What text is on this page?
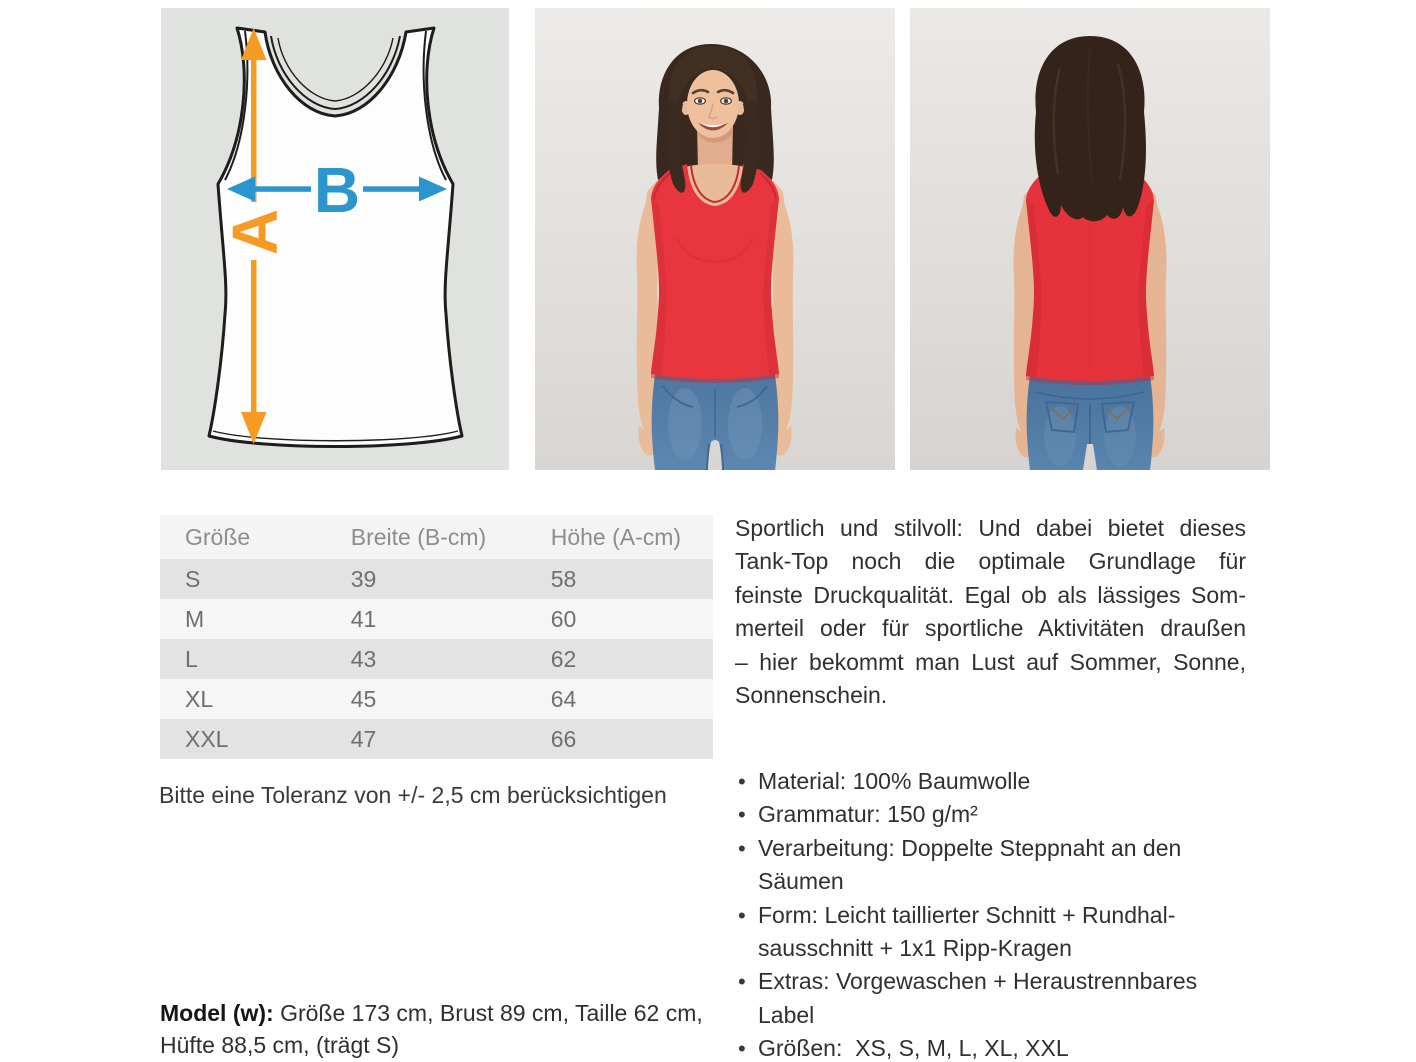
A
B
Größe	Breite (B-cm)	Höhe (A-cm)
S	39	58
M	41	60
L	43	62
XL	45	64
XXL	47	66

Bitte eine Toleranz von +/- 2,5 cm berücksichtigen

Model (w): Größe 173 cm, Brust 89 cm, Taille 62 cm, Hüfte 88,5 cm, (trägt S)

Sportlich und stilvoll: Und dabei bietet dieses
Tank-Top noch die optimale Grundlage für
feinste Druckqualität. Egal ob als lässiges Som-
merteil oder für sportliche Aktivitäten draußen
– hier bekommt man Lust auf Sommer, Sonne,
Sonnenschein.
• Material: 100% Baumwolle
• Grammatur: 150 g/m²
• Verarbeitung: Doppelte Steppnaht an den
Säumen
• Form: Leicht taillierter Schnitt + Rundhal-
sausschnitt + 1x1 Ripp-Kragen
• Extras: Vorgewaschen + Heraustrennbares
Label
• Größen:  XS, S, M, L, XL, XXL
